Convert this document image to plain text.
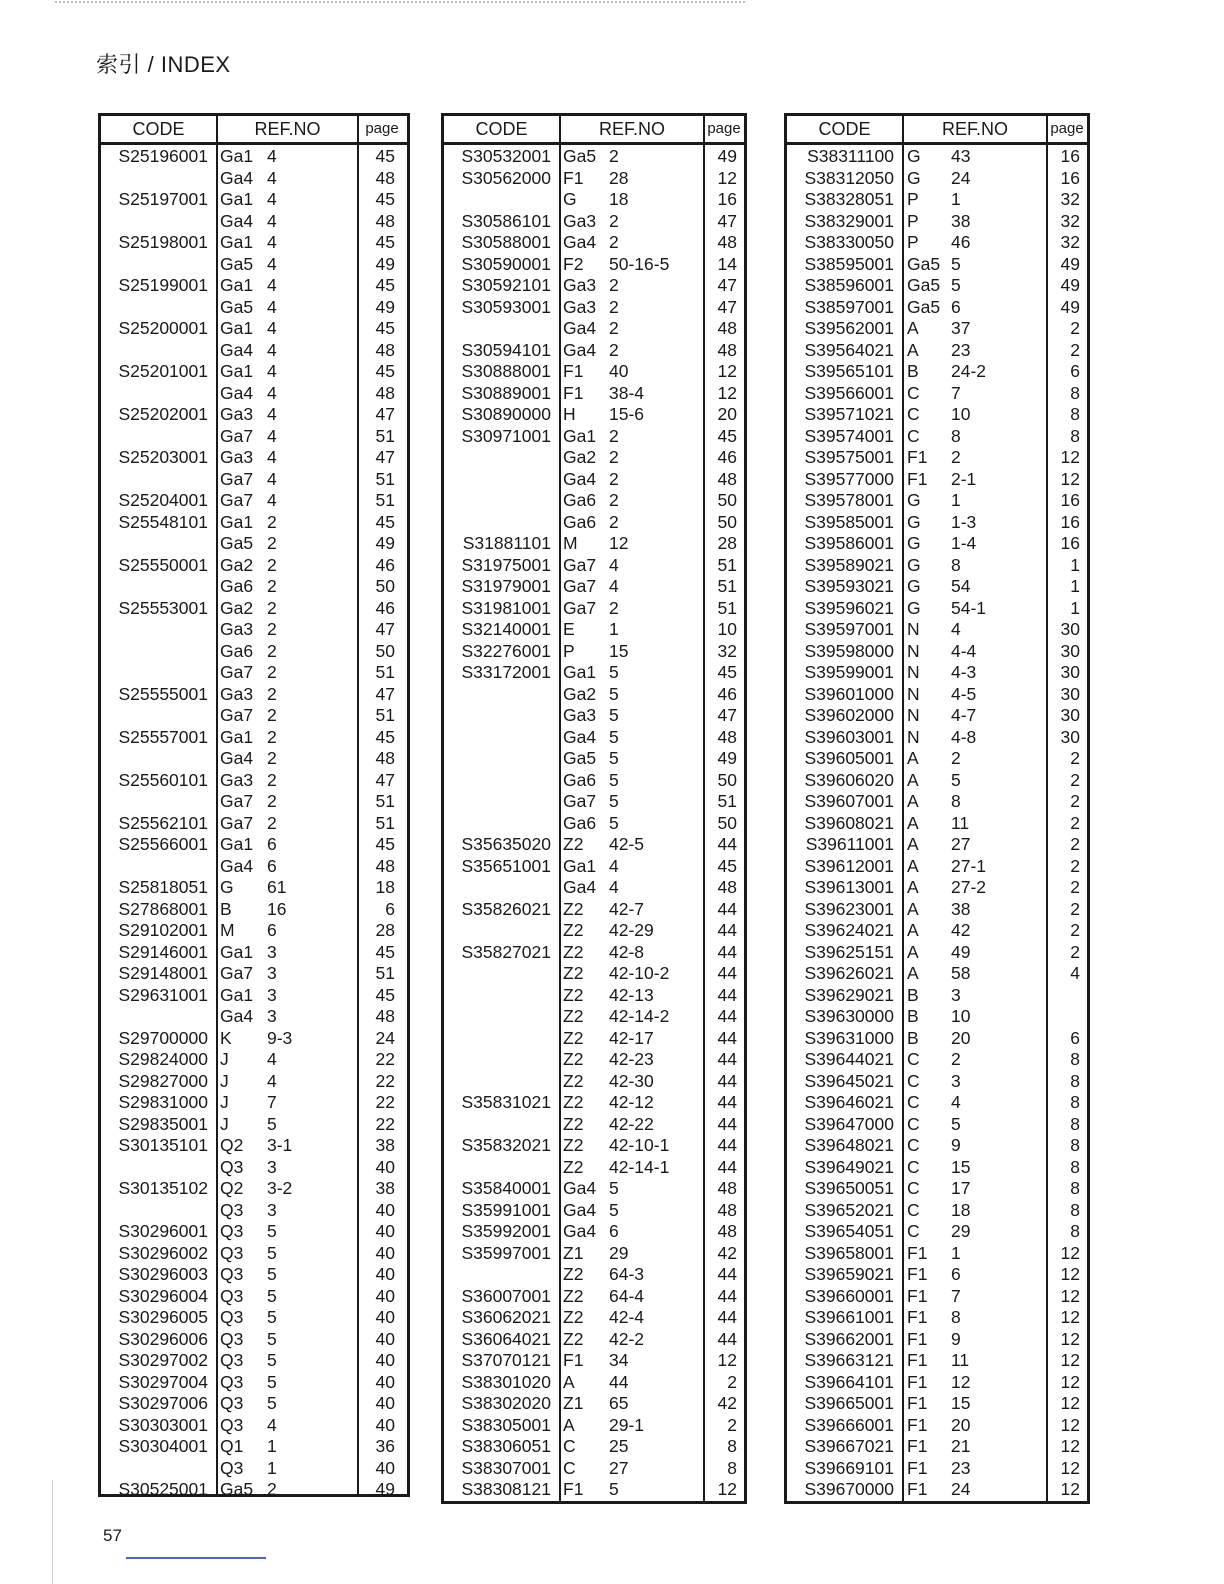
索引 / INDEX
CODE	REF.NO	page
S25196001 Ga1 4	45
Ga4 4	48
S25197001 Ga1 4	45
Ga4 4	48
S25198001 Ga1 4	45
Ga5 4	49
S25199001 Ga1 4	45
Ga5 4	49
S25200001 Ga1 4	45
Ga4 4	48
S25201001 Ga1 4	45
Ga4 4	48
S25202001 Ga3 4	47
Ga7 4	51
S25203001 Ga3 4	47
Ga7 4	51
S25204001 Ga7 4	51
S25548101 Ga1 2	45
Ga5 2	49
S25550001 Ga2 2	46
Ga6 2	50
S25553001 Ga2 2	46
Ga3 2	47
Ga6 2	50
Ga7 2	51
S25555001 Ga3 2	47
Ga7 2	51
S25557001 Ga1 2	45
Ga4 2	48
S25560101 Ga3 2	47
Ga7 2	51
S25562101 Ga7 2	51
S25566001 Ga1 6	45
Ga4 6	48
S25818051 G 61	18
S27868001 B 16	6
S29102001 M 6	28
S29146001 Ga1 3	45
S29148001 Ga7 3	51
S29631001 Ga1 3	45
Ga4 3	48
S29700000 K 9-3	24
S29824000 J 4	22
S29827000 J 4	22
S29831000 J 7	22
S29835001 J 5	22
S30135101 Q2 3-1	38
Q3 3	40
S30135102 Q2 3-2	38
Q3 3	40
S30296001 Q3 5	40
S30296002 Q3 5	40
S30296003 Q3 5	40
S30296004 Q3 5	40
S30296005 Q3 5	40
S30296006 Q3 5	40
S30297002 Q3 5	40
S30297004 Q3 5	40
S30297006 Q3 5	40
S30303001 Q3 4	40
S30304001 Q1 1	36
Q3 1	40
S30525001 Ga5 2	49
CODE	REF.NO	page
S30532001 Ga5 2	49
S30562000 F1 28	12
G 18	16
S30586101 Ga3 2	47
S30588001 Ga4 2	48
S30590001 F2 50-16-5	14
S30592101 Ga3 2	47
S30593001 Ga3 2	47
Ga4 2	48
S30594101 Ga4 2	48
S30888001 F1 40	12
S30889001 F1 38-4	12
S30890000 H 15-6	20
S30971001 Ga1 2	45
Ga2 2	46
Ga4 2	48
Ga6 2	50
Ga6 2	50
S31881101 M 12	28
S31975001 Ga7 4	51
S31979001 Ga7 4	51
S31981001 Ga7 2	51
S32140001 E 1	10
S32276001 P 15	32
S33172001 Ga1 5	45
Ga2 5	46
Ga3 5	47
Ga4 5	48
Ga5 5	49
Ga6 5	50
Ga7 5	51
Ga6 5	50
S35635020 Z2 42-5	44
S35651001 Ga1 4	45
Ga4 4	48
S35826021 Z2 42-7	44
Z2 42-29	44
S35827021 Z2 42-8	44
Z2 42-10-2	44
Z2 42-13	44
Z2 42-14-2	44
Z2 42-17	44
Z2 42-23	44
Z2 42-30	44
S35831021 Z2 42-12	44
Z2 42-22	44
S35832021 Z2 42-10-1	44
Z2 42-14-1	44
S35840001 Ga4 5	48
S35991001 Ga4 5	48
S35992001 Ga4 6	48
S35997001 Z1 29	42
Z2 64-3	44
S36007001 Z2 64-4	44
S36062021 Z2 42-4	44
S36064021 Z2 42-2	44
S37070121 F1 34	12
S38301020 A 44	2
S38302020 Z1 65	42
S38305001 A 29-1	2
S38306051 C 25	8
S38307001 C 27	8
S38308121 F1 5	12
CODE	REF.NO	page
S38311100 G 43	16
S38312050 G 24	16
S38328051 P 1	32
S38329001 P 38	32
S38330050 P 46	32
S38595001 Ga5 5	49
S38596001 Ga5 5	49
S38597001 Ga5 6	49
S39562001 A 37	2
S39564021 A 23	2
S39565101 B 24-2	6
S39566001 C 7	8
S39571021 C 10	8
S39574001 C 8	8
S39575001 F1 2	12
S39577000 F1 2-1	12
S39578001 G 1	16
S39585001 G 1-3	16
S39586001 G 1-4	16
S39589021 G 8	1
S39593021 G 54	1
S39596021 G 54-1	1
S39597001 N 4	30
S39598000 N 4-4	30
S39599001 N 4-3	30
S39601000 N 4-5	30
S39602000 N 4-7	30
S39603001 N 4-8	30
S39605001 A 2	2
S39606020 A 5	2
S39607001 A 8	2
S39608021 A 11	2
S39611001 A 27	2
S39612001 A 27-1	2
S39613001 A 27-2	2
S39623001 A 38	2
S39624021 A 42	2
S39625151 A 49	2
S39626021 A 58	4
S39629021 B 3
S39630000 B 10
S39631000 B 20	6
S39644021 C 2	8
S39645021 C 3	8
S39646021 C 4	8
S39647000 C 5	8
S39648021 C 9	8
S39649021 C 15	8
S39650051 C 17	8
S39652021 C 18	8
S39654051 C 29	8
S39658001 F1 1	12
S39659021 F1 6	12
S39660001 F1 7	12
S39661001 F1 8	12
S39662001 F1 9	12
S39663121 F1 11	12
S39664101 F1 12	12
S39665001 F1 15	12
S39666001 F1 20	12
S39667021 F1 21	12
S39669101 F1 23	12
S39670000 F1 24	12
57
